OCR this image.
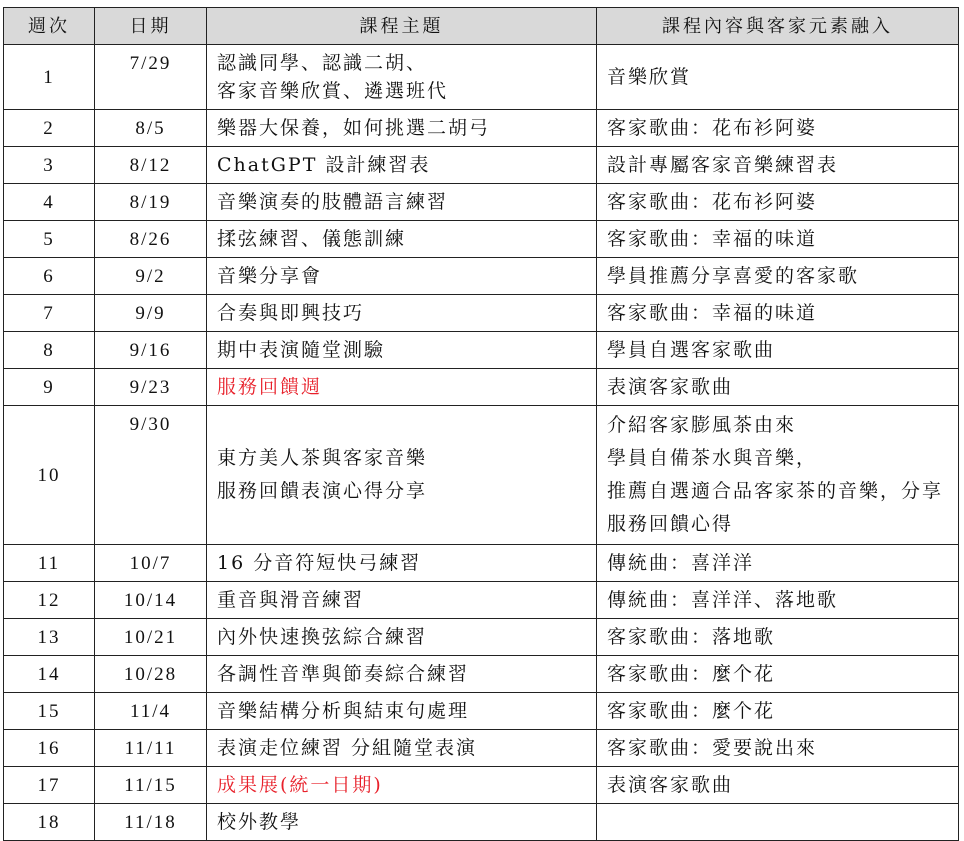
週次	日期	課程主題	課程內容與客家元素融入
1	7/29	認識同學、認識二胡、
客家音樂欣賞、遴選班代	音樂欣賞

2	8/5	樂器大保養，如何挑選二胡弓	客家歌曲：花布衫阿婆

3	8/12	ChatGPT 設計練習表	設計專屬客家音樂練習表

4	8/19	音樂演奏的肢體語言練習	客家歌曲：花布衫阿婆

5	8/26	揉弦練習、儀態訓練	客家歌曲：幸福的味道

6	9/2	音樂分享會	學員推薦分享喜愛的客家歌

7	9/9	合奏與即興技巧	客家歌曲：幸福的味道

8	9/16	期中表演隨堂測驗	學員自選客家歌曲

9	9/23	服務回饋週	表演客家歌曲

10	9/30	東方美人茶與客家音樂
服務回饋表演心得分享	介紹客家膨風茶由來
學員自備茶水與音樂，
推薦自選適合品客家茶的音樂，分享服務回饋心得

11	10/7	16 分音符短快弓練習	傳統曲：喜洋洋

12	10/14	重音與滑音練習	傳統曲：喜洋洋、落地歌

13	10/21	內外快速換弦綜合練習	客家歌曲：落地歌

14	10/28	各調性音準與節奏綜合練習	客家歌曲：麼个花

15	11/4	音樂結構分析與結束句處理	客家歌曲：麼个花

16	11/11	表演走位練習 分組隨堂表演	客家歌曲：愛要說出來

17	11/15	成果展(統一日期)	表演客家歌曲

18	11/18	校外教學	
